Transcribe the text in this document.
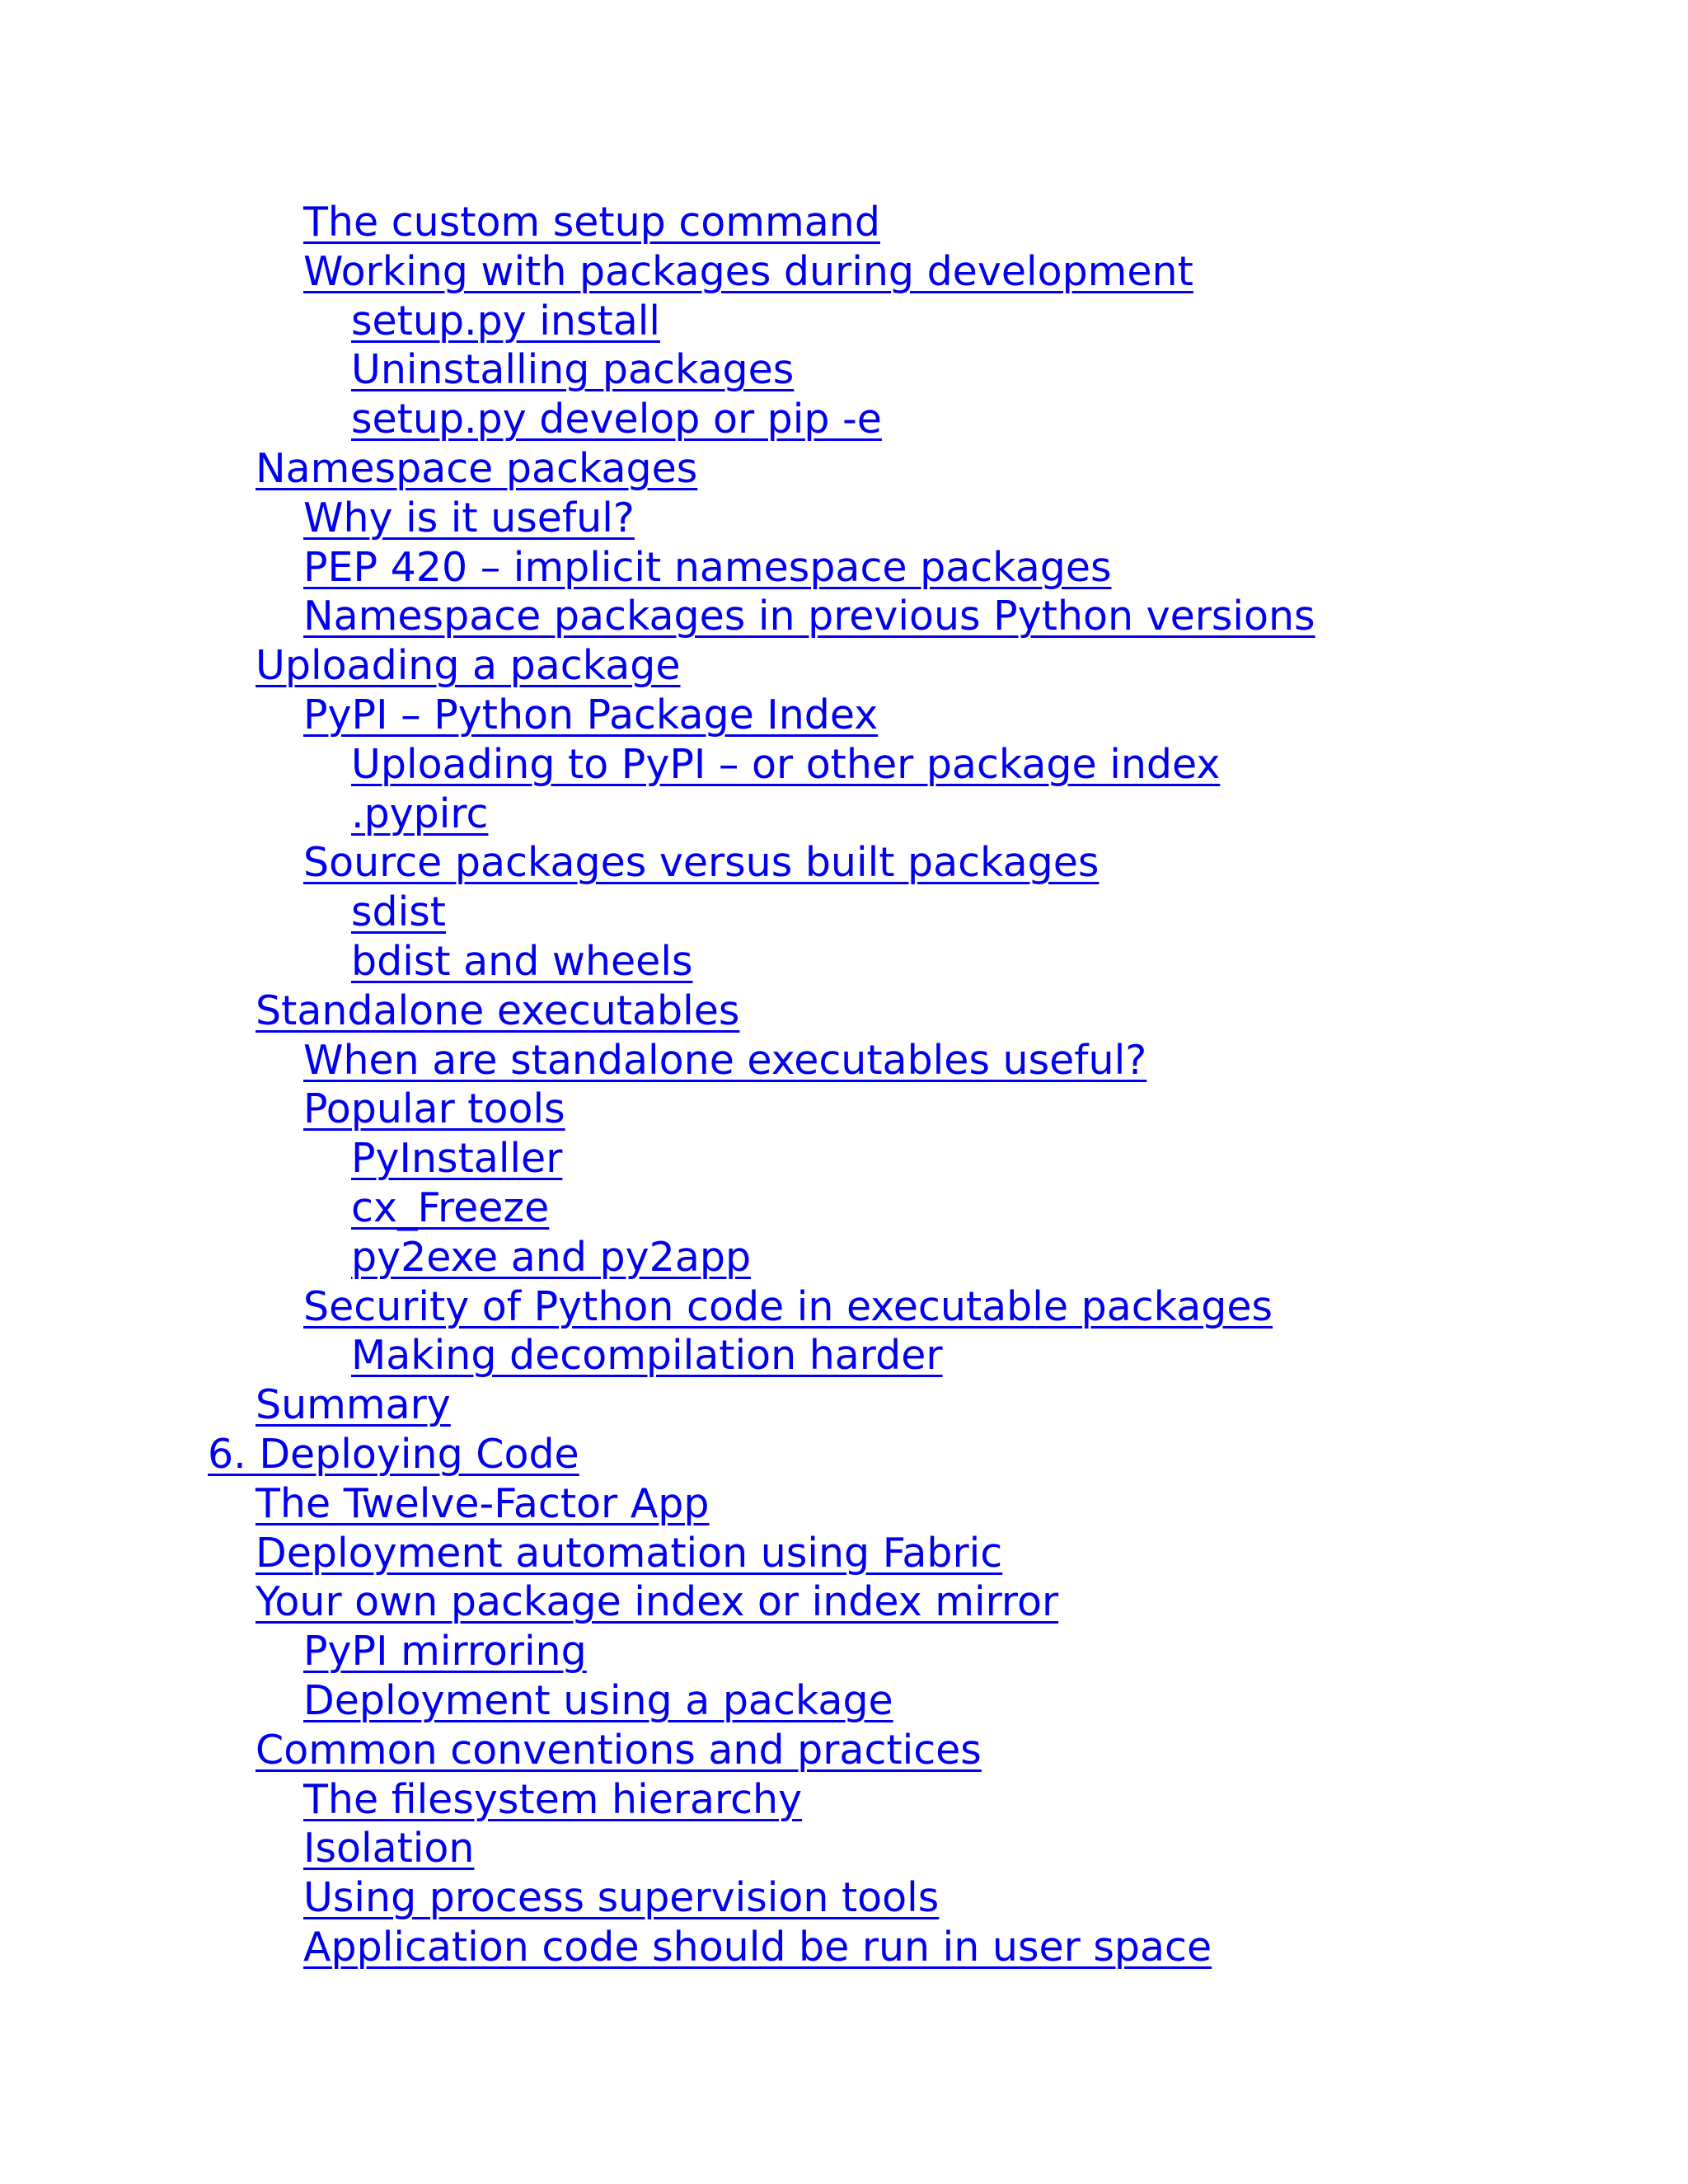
The custom setup command
Working with packages during development
setup.py install
Uninstalling packages
setup.py develop or pip -e
Namespace packages
Why is it useful?
PEP 420 – implicit namespace packages
Namespace packages in previous Python versions
Uploading a package
PyPI – Python Package Index
Uploading to PyPI – or other package index
.pypirc
Source packages versus built packages
sdist
bdist and wheels
Standalone executables
When are standalone executables useful?
Popular tools
PyInstaller
cx_Freeze
py2exe and py2app
Security of Python code in executable packages
Making decompilation harder
Summary
6. Deploying Code
The Twelve-Factor App
Deployment automation using Fabric
Your own package index or index mirror
PyPI mirroring
Deployment using a package
Common conventions and practices
The filesystem hierarchy
Isolation
Using process supervision tools
Application code should be run in user space
